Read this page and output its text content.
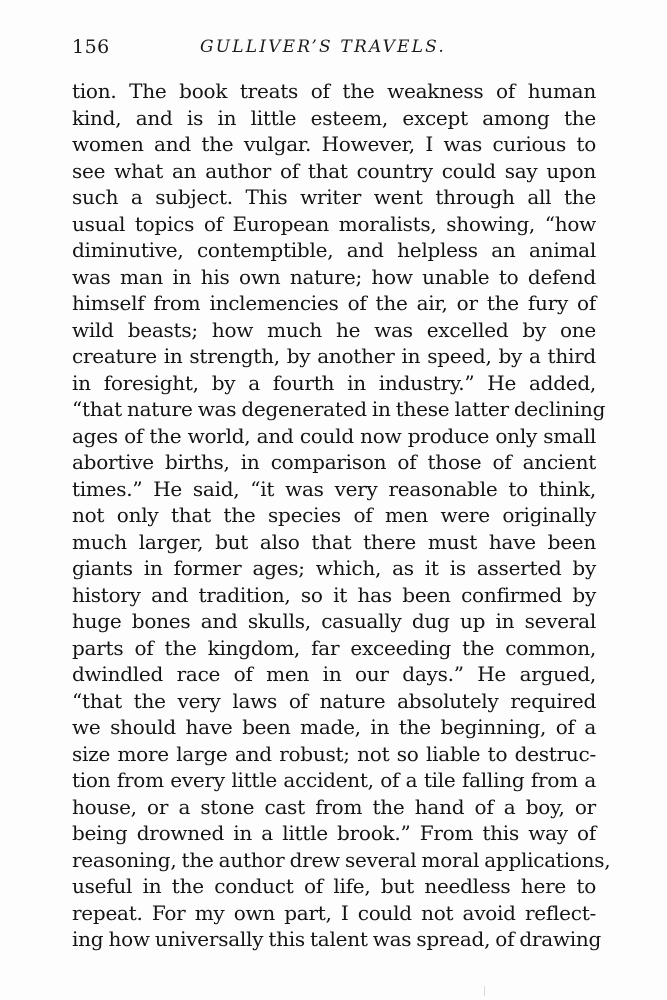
156	GULLIVER’S TRAVELS.
tion. The book treats of the weakness of human
kind, and is in little esteem, except among the
women and the vulgar. However, I was curious to
see what an author of that country could say upon
such a subject. This writer went through all the
usual topics of European moralists, showing, “how
diminutive, contemptible, and helpless an animal
was man in his own nature; how unable to defend
himself from inclemencies of the air, or the fury of
wild beasts; how much he was excelled by one
creature in strength, by another in speed, by a third
in foresight, by a fourth in industry.” He added,
“that nature was degenerated in these latter declining
ages of the world, and could now produce only small
abortive births, in comparison of those of ancient
times.” He said, “it was very reasonable to think,
not only that the species of men were originally
much larger, but also that there must have been
giants in former ages; which, as it is asserted by
history and tradition, so it has been confirmed by
huge bones and skulls, casually dug up in several
parts of the kingdom, far exceeding the common,
dwindled race of men in our days.” He argued,
“that the very laws of nature absolutely required
we should have been made, in the beginning, of a
size more large and robust; not so liable to destruc-
tion from every little accident, of a tile falling from a
house, or a stone cast from the hand of a boy, or
being drowned in a little brook.” From this way of
reasoning, the author drew several moral applications,
useful in the conduct of life, but needless here to
repeat. For my own part, I could not avoid reflect-
ing how universally this talent was spread, of drawing
